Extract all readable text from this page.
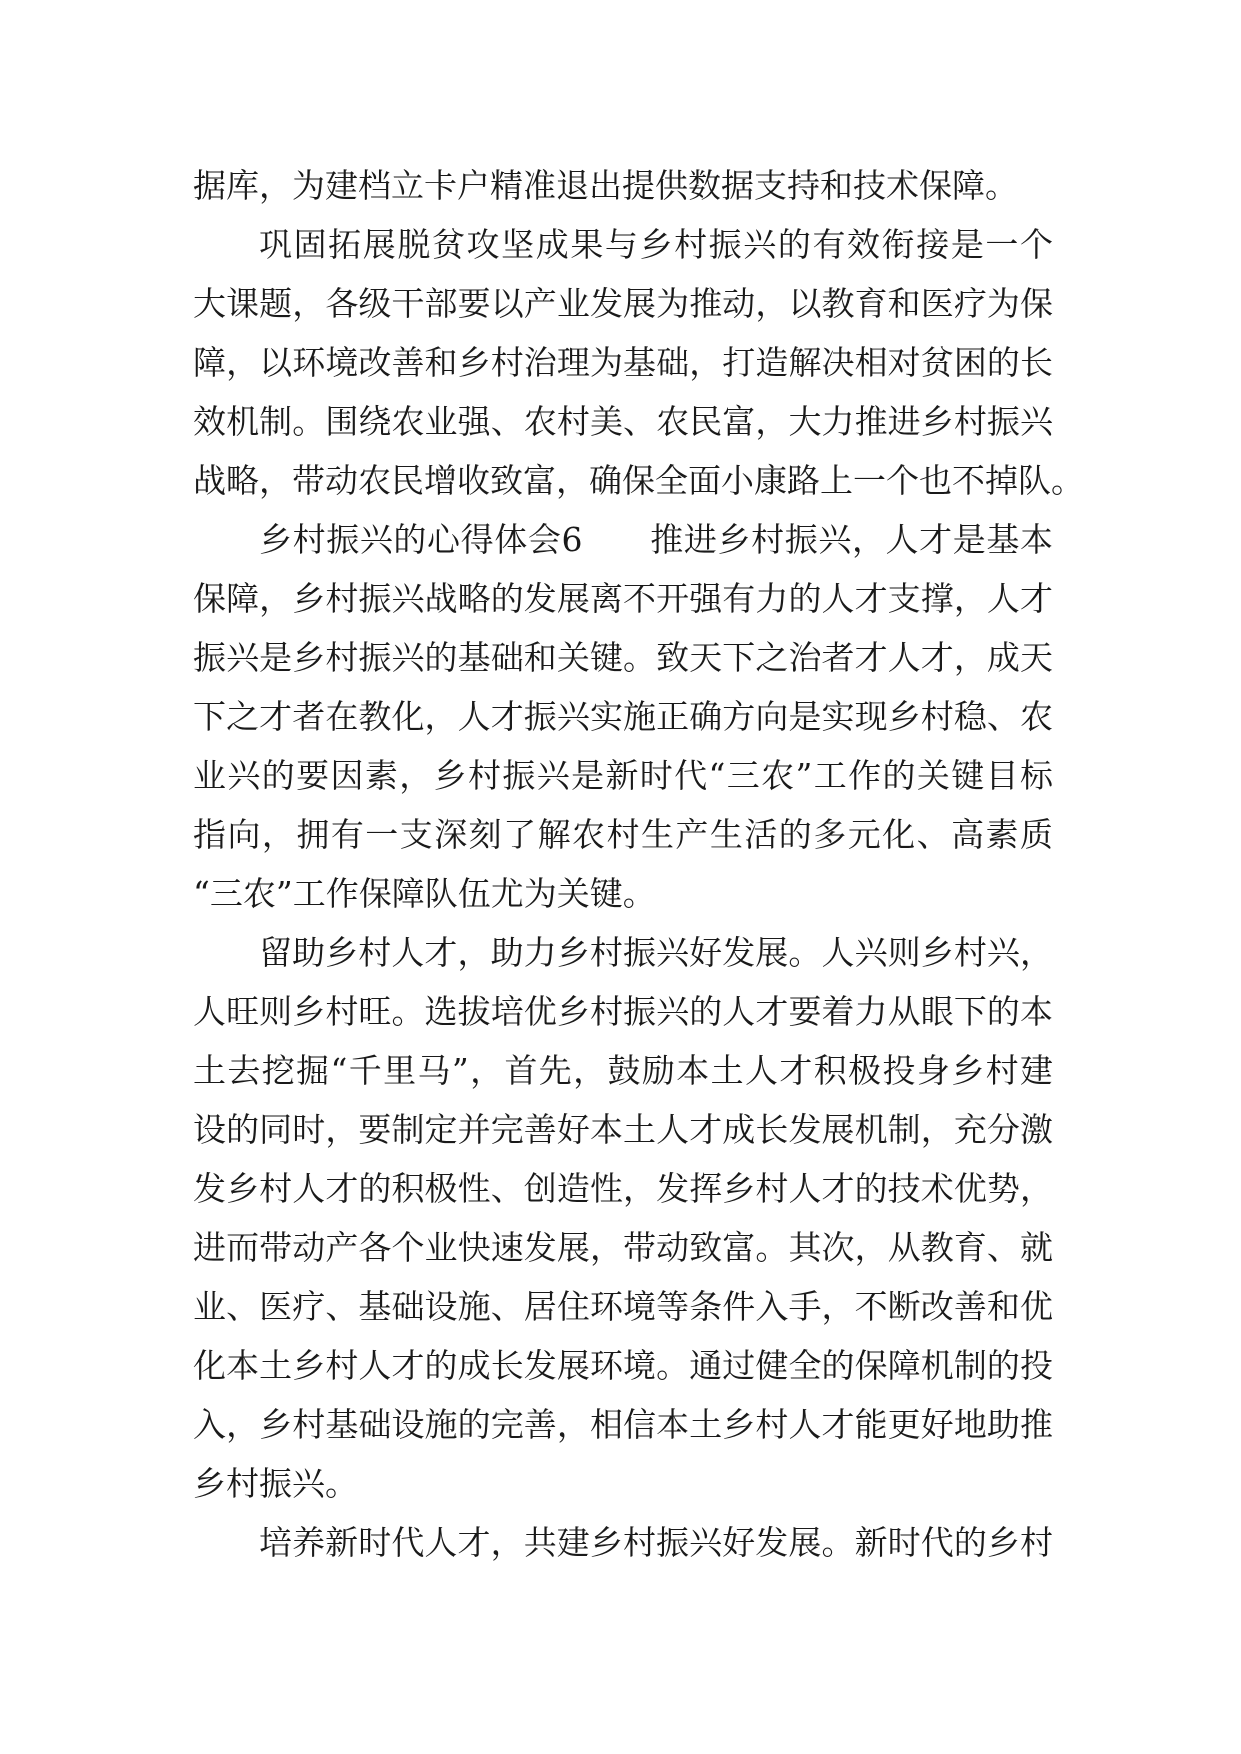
据库，为建档立卡户精准退出提供数据支持和技术保障。
巩固拓展脱贫攻坚成果与乡村振兴的有效衔接是一个
大课题，各级干部要以产业发展为推动，以教育和医疗为保
障，以环境改善和乡村治理为基础，打造解决相对贫困的长
效机制。围绕农业强、农村美、农民富，大力推进乡村振兴
战略，带动农民增收致富，确保全面小康路上一个也不掉队。
乡村振兴的心得体会6　　推进乡村振兴，人才是基本
保障，乡村振兴战略的发展离不开强有力的人才支撑，人才
振兴是乡村振兴的基础和关键。致天下之治者才人才，成天
下之才者在教化，人才振兴实施正确方向是实现乡村稳、农
业兴的要因素，乡村振兴是新时代“三农”工作的关键目标
指向，拥有一支深刻了解农村生产生活的多元化、高素质
“三农”工作保障队伍尤为关键。
留助乡村人才，助力乡村振兴好发展。人兴则乡村兴，
人旺则乡村旺。选拔培优乡村振兴的人才要着力从眼下的本
土去挖掘“千里马”，首先，鼓励本土人才积极投身乡村建
设的同时，要制定并完善好本土人才成长发展机制，充分激
发乡村人才的积极性、创造性，发挥乡村人才的技术优势，
进而带动产各个业快速发展，带动致富。其次，从教育、就
业、医疗、基础设施、居住环境等条件入手，不断改善和优
化本土乡村人才的成长发展环境。通过健全的保障机制的投
入，乡村基础设施的完善，相信本土乡村人才能更好地助推
乡村振兴。
培养新时代人才，共建乡村振兴好发展。新时代的乡村
